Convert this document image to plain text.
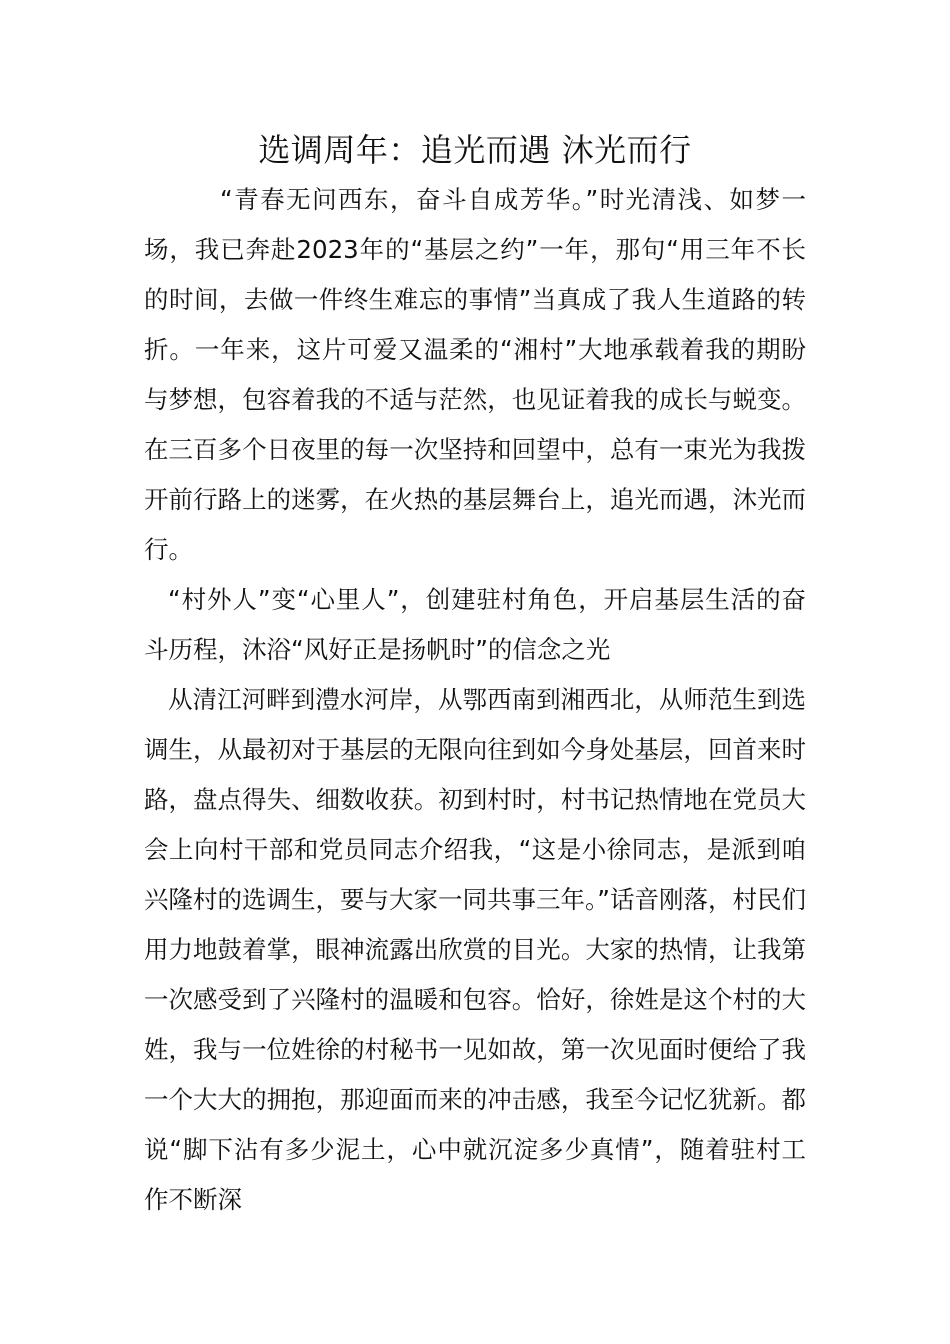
选调周年：追光而遇 沐光而行

“青春无问西东，奋斗自成芳华。”时光清浅、如梦一场，我已奔赴2023年的“基层之约”一年，那句“用三年不长的时间，去做一件终生难忘的事情”当真成了我人生道路的转折。一年来，这片可爱又温柔的“湘村”大地承载着我的期盼与梦想，包容着我的不适与茫然，也见证着我的成长与蜕变。在三百多个日夜里的每一次坚持和回望中，总有一束光为我拨开前行路上的迷雾，在火热的基层舞台上，追光而遇，沐光而行。

“村外人”变“心里人”，创建驻村角色，开启基层生活的奋斗历程，沐浴“风好正是扬帆时”的信念之光

从清江河畔到澧水河岸，从鄂西南到湘西北，从师范生到选调生，从最初对于基层的无限向往到如今身处基层，回首来时路，盘点得失、细数收获。初到村时，村书记热情地在党员大会上向村干部和党员同志介绍我，“这是小徐同志，是派到咱兴隆村的选调生，要与大家一同共事三年。”话音刚落，村民们用力地鼓着掌，眼神流露出欣赏的目光。大家的热情，让我第一次感受到了兴隆村的温暖和包容。恰好，徐姓是这个村的大姓，我与一位姓徐的村秘书一见如故，第一次见面时便给了我一个大大的拥抱，那迎面而来的冲击感，我至今记忆犹新。都说“脚下沾有多少泥土，心中就沉淀多少真情”，随着驻村工作不断深
